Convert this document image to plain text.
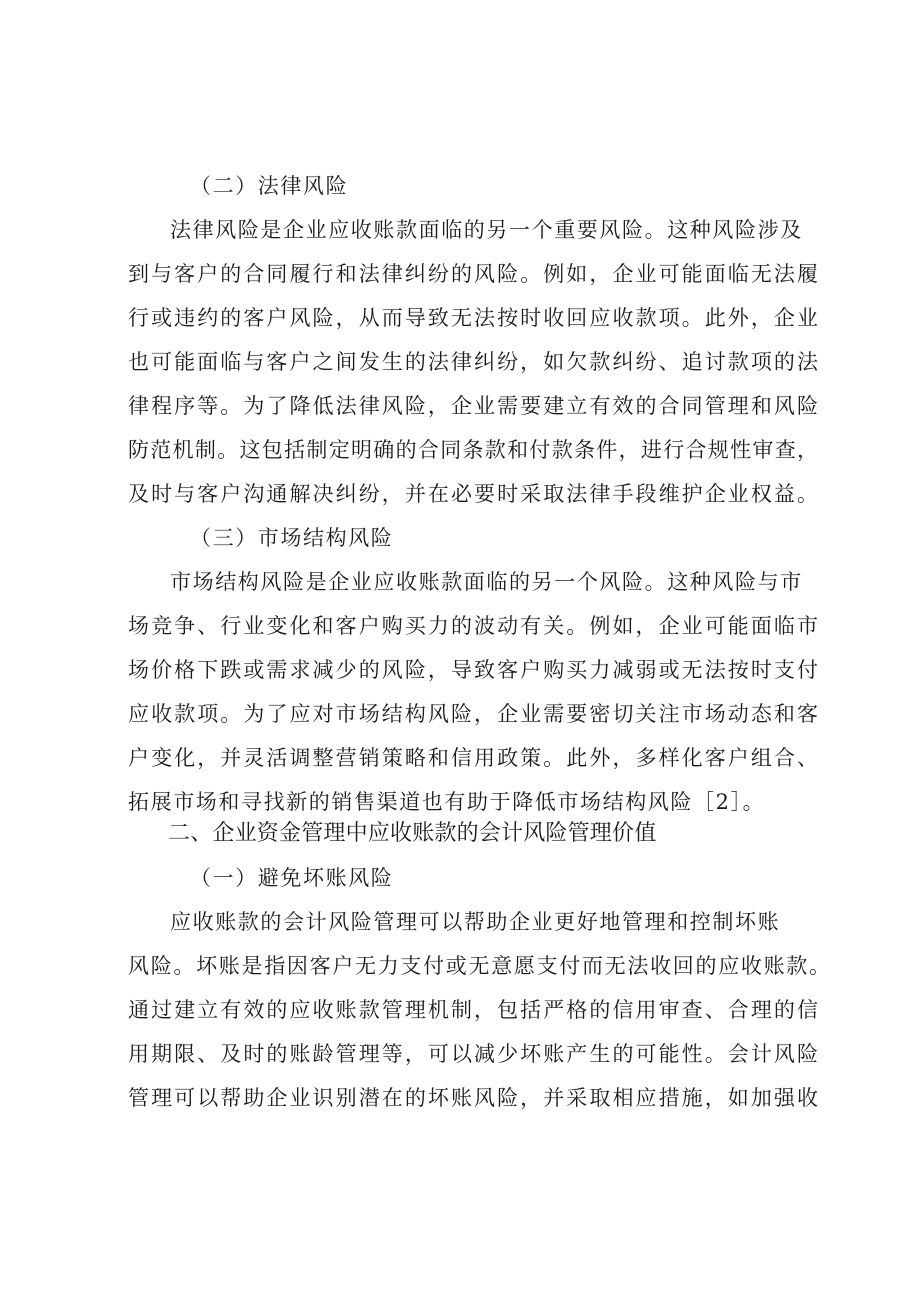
（二）法律风险
法律风险是企业应收账款面临的另一个重要风险。这种风险涉及
到与客户的合同履行和法律纠纷的风险。例如，企业可能面临无法履
行或违约的客户风险，从而导致无法按时收回应收款项。此外，企业
也可能面临与客户之间发生的法律纠纷，如欠款纠纷、追讨款项的法
律程序等。为了降低法律风险，企业需要建立有效的合同管理和风险
防范机制。这包括制定明确的合同条款和付款条件，进行合规性审查，
及时与客户沟通解决纠纷，并在必要时采取法律手段维护企业权益。
（三）市场结构风险
市场结构风险是企业应收账款面临的另一个风险。这种风险与市
场竞争、行业变化和客户购买力的波动有关。例如，企业可能面临市
场价格下跌或需求减少的风险，导致客户购买力减弱或无法按时支付
应收款项。为了应对市场结构风险，企业需要密切关注市场动态和客
户变化，并灵活调整营销策略和信用政策。此外，多样化客户组合、
拓展市场和寻找新的销售渠道也有助于降低市场结构风险［2］。
二、企业资金管理中应收账款的会计风险管理价值
（一）避免坏账风险
应收账款的会计风险管理可以帮助企业更好地管理和控制坏账
风险。坏账是指因客户无力支付或无意愿支付而无法收回的应收账款。
通过建立有效的应收账款管理机制，包括严格的信用审查、合理的信
用期限、及时的账龄管理等，可以减少坏账产生的可能性。会计风险
管理可以帮助企业识别潜在的坏账风险，并采取相应措施，如加强收
